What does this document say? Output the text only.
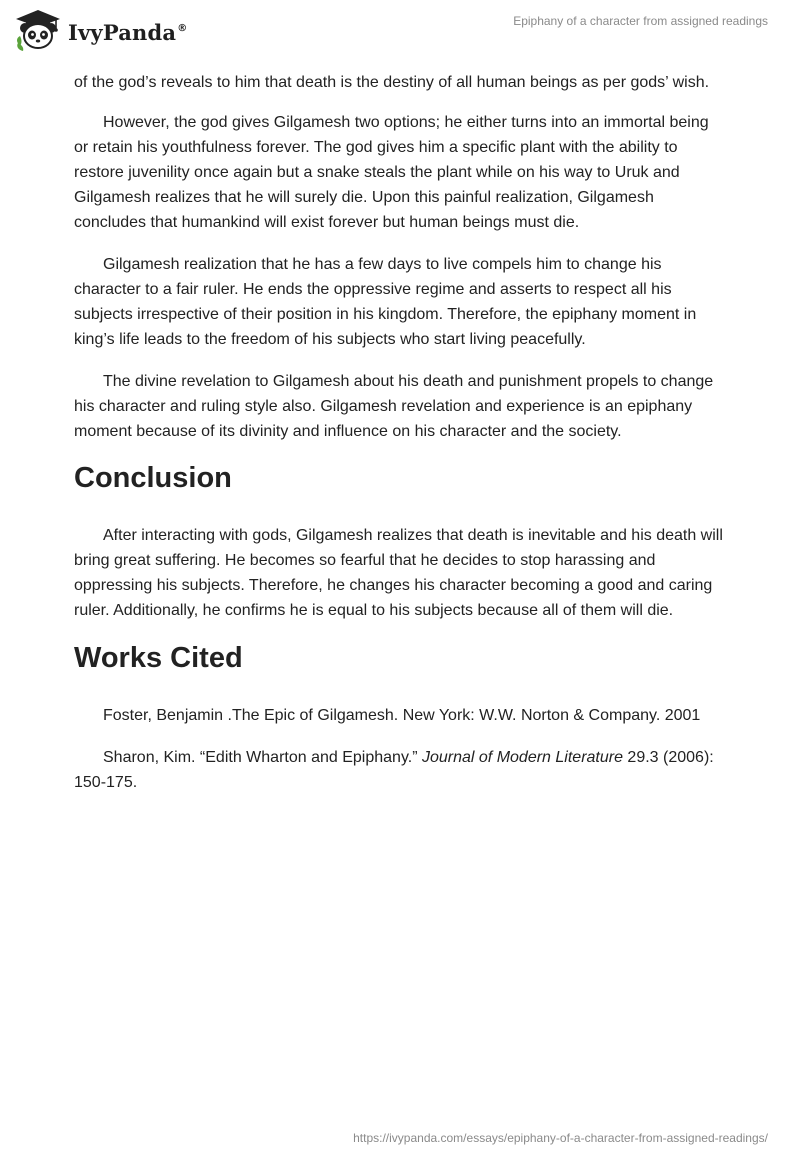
IvyPanda®	Epiphany of a character from assigned readings

of the god’s reveals to him that death is the destiny of all human beings as per gods’ wish.

However, the god gives Gilgamesh two options; he either turns into an immortal being or retain his youthfulness forever. The god gives him a specific plant with the ability to restore juvenility once again but a snake steals the plant while on his way to Uruk and Gilgamesh realizes that he will surely die. Upon this painful realization, Gilgamesh concludes that humankind will exist forever but human beings must die.

Gilgamesh realization that he has a few days to live compels him to change his character to a fair ruler. He ends the oppressive regime and asserts to respect all his subjects irrespective of their position in his kingdom. Therefore, the epiphany moment in king’s life leads to the freedom of his subjects who start living peacefully.

The divine revelation to Gilgamesh about his death and punishment propels to change his character and ruling style also. Gilgamesh revelation and experience is an epiphany moment because of its divinity and influence on his character and the society.

Conclusion

After interacting with gods, Gilgamesh realizes that death is inevitable and his death will bring great suffering. He becomes so fearful that he decides to stop harassing and oppressing his subjects. Therefore, he changes his character becoming a good and caring ruler. Additionally, he confirms he is equal to his subjects because all of them will die.

Works Cited

Foster, Benjamin .The Epic of Gilgamesh. New York: W.W. Norton & Company. 2001

Sharon, Kim. “Edith Wharton and Epiphany.” Journal of Modern Literature 29.3 (2006): 150-175.

https://ivypanda.com/essays/epiphany-of-a-character-from-assigned-readings/
